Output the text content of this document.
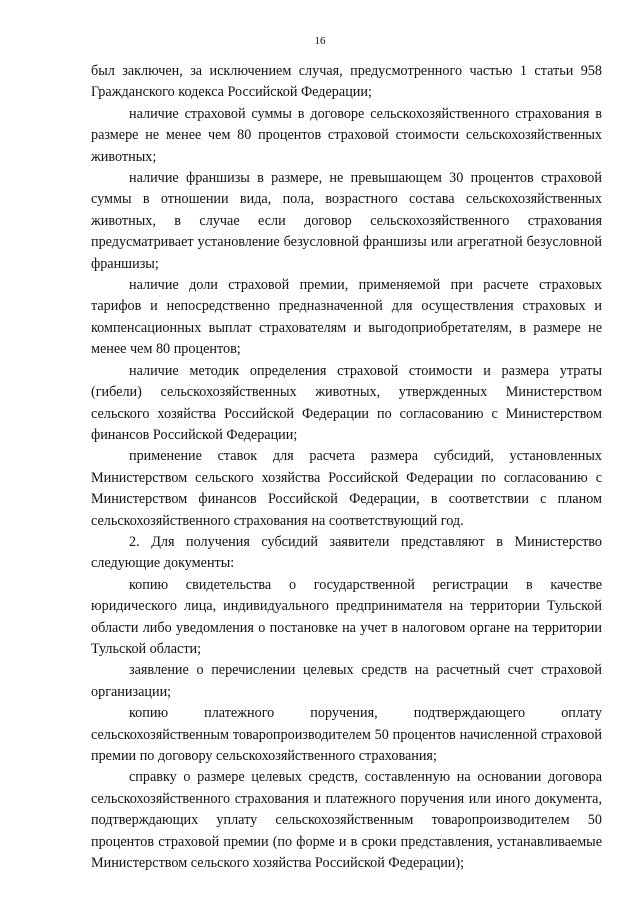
16

был заключен, за исключением случая, предусмотренного частью 1 статьи 958 Гражданского кодекса Российской Федерации;

наличие страховой суммы в договоре сельскохозяйственного страхования в размере не менее чем 80 процентов страховой стоимости сельскохозяйственных животных;

наличие франшизы в размере, не превышающем 30 процентов страховой суммы в отношении вида, пола, возрастного состава сельскохозяйственных животных, в случае если договор сельскохозяйственного страхования предусматривает установление безусловной франшизы или агрегатной безусловной франшизы;

наличие доли страховой премии, применяемой при расчете страховых тарифов и непосредственно предназначенной для осуществления страховых и компенсационных выплат страхователям и выгодоприобретателям, в размере не менее чем 80 процентов;

наличие методик определения страховой стоимости и размера утраты (гибели) сельскохозяйственных животных, утвержденных Министерством сельского хозяйства Российской Федерации по согласованию с Министерством финансов Российской Федерации;

применение ставок для расчета размера субсидий, установленных Министерством сельского хозяйства Российской Федерации по согласованию с Министерством финансов Российской Федерации, в соответствии с планом сельскохозяйственного страхования на соответствующий год.

2. Для получения субсидий заявители представляют в Министерство следующие документы:

копию свидетельства о государственной регистрации в качестве юридического лица, индивидуального предпринимателя на территории Тульской области либо уведомления о постановке на учет в налоговом органе на территории Тульской области;

заявление о перечислении целевых средств на расчетный счет страховой организации;

копию платежного поручения, подтверждающего оплату сельскохозяйственным товаропроизводителем 50 процентов начисленной страховой премии по договору сельскохозяйственного страхования;

справку о размере целевых средств, составленную на основании договора сельскохозяйственного страхования и платежного поручения или иного документа, подтверждающих уплату сельскохозяйственным товаропроизводителем 50 процентов страховой премии (по форме и в сроки представления, устанавливаемые Министерством сельского хозяйства Российской Федерации);
